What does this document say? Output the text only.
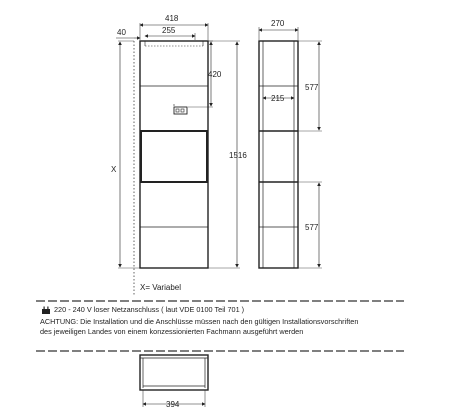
418
40	255
420
1516
X
X= Variabel
270
577
215
577
394
220 - 240 V loser Netzanschluss ( laut VDE 0100 Teil 701 )
ACHTUNG: Die Installation und die Anschlüsse müssen nach den gültigen Installationsvorschriften
des jeweiligen Landes von einem konzessionierten Fachmann ausgeführt werden
